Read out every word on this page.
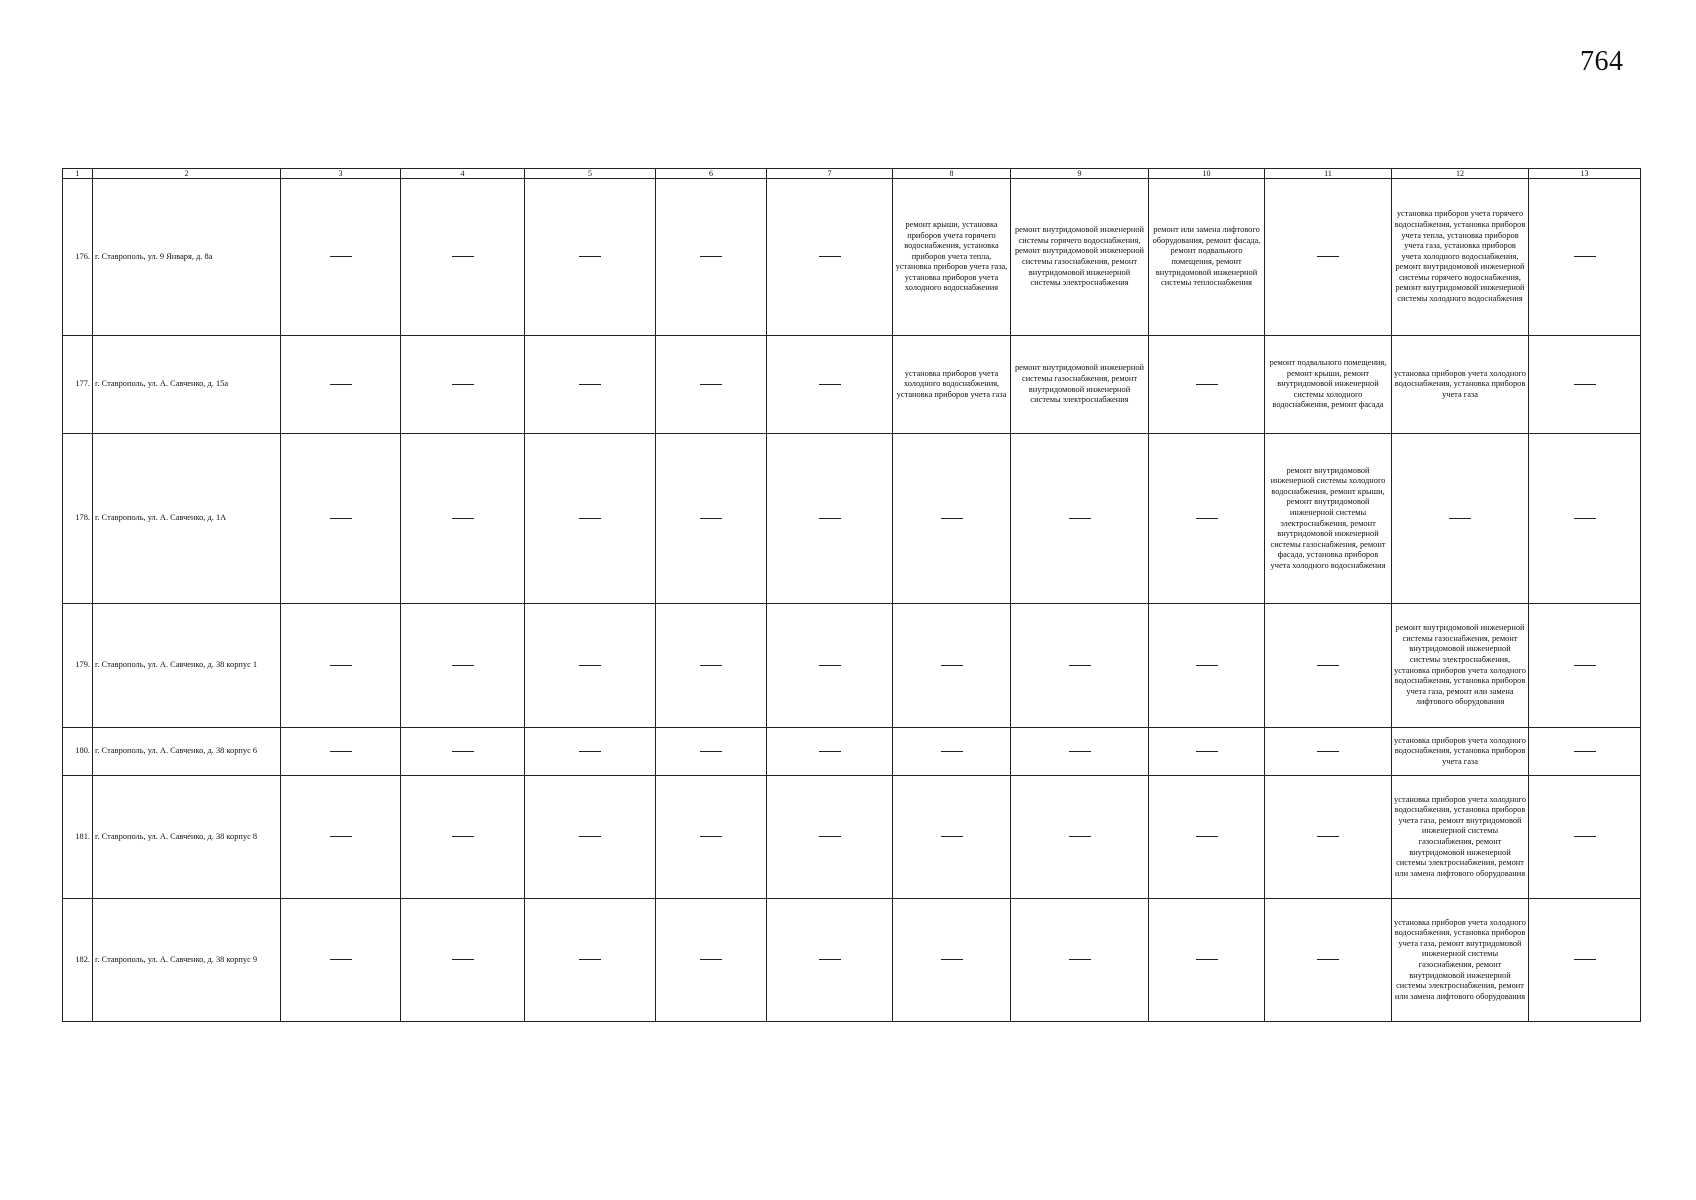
764
1	2	3	4	5	6	7	8	9	10	11	12	13
176.	г. Ставрополь, ул. 9 Января, д. 8а						ремонт крыши, установка приборов учета горячего водоснабжения, установка приборов учета тепла, установка приборов учета газа, установка приборов учета холодного водоснабжения	ремонт внутридомовой инженерной системы горячего водоснабжения, ремонт внутридомовой инженерной системы газоснабжения, ремонт внутридомовой инженерной системы электроснабжения	ремонт или замена лифтового оборудования, ремонт фасада, ремонт подвального помещения, ремонт внутридомовой инженерной системы теплоснабжения		установка приборов учета горячего водоснабжения, установка приборов учета тепла, установка приборов учета газа, установка приборов учета холодного водоснабжения, ремонт внутридомовой инженерной системы горячего водоснабжения, ремонт внутридомовой инженерной системы холодного водоснабжения	
177.	г. Ставрополь, ул. А. Савченко, д. 15а						установка приборов учета холодного водоснабжения, установка приборов учета газа	ремонт внутридомовой инженерной системы газоснабжения, ремонт внутридомовой инженерной системы электроснабжения		ремонт подвального помещения, ремонт крыши, ремонт внутридомовой инженерной системы холодного водоснабжения, ремонт фасада	установка приборов учета холодного водоснабжения, установка приборов учета газа	
178.	г. Ставрополь, ул. А. Савченко, д. 1А									ремонт внутридомовой инженерной системы холодного водоснабжения, ремонт крыши, ремонт внутридомовой инженерной системы электроснабжения, ремонт внутридомовой инженерной системы газоснабжения, ремонт фасада, установка приборов учета холодного водоснабжения		
179.	г. Ставрополь, ул. А. Савченко, д. 38 корпус 1										ремонт внутридомовой инженерной системы газоснабжения, ремонт внутридомовой инженерной системы электроснабжения, установка приборов учета холодного водоснабжения, установка приборов учета газа, ремонт или замена лифтового оборудования	
180.	г. Ставрополь, ул. А. Савченко, д. 38 корпус 6										установка приборов учета холодного водоснабжения, установка приборов учета газа	
181.	г. Ставрополь, ул. А. Савченко, д. 38 корпус 8										установка приборов учета холодного водоснабжения, установка приборов учета газа, ремонт внутридомовой инженерной системы газоснабжения, ремонт внутридомовой инженерной системы электроснабжения, ремонт или замена лифтового оборудования	
182.	г. Ставрополь, ул. А. Савченко, д. 38 корпус 9										установка приборов учета холодного водоснабжения, установка приборов учета газа, ремонт внутридомовой инженерной системы газоснабжения, ремонт внутридомовой инженерной системы электроснабжения, ремонт или замена лифтового оборудования	
